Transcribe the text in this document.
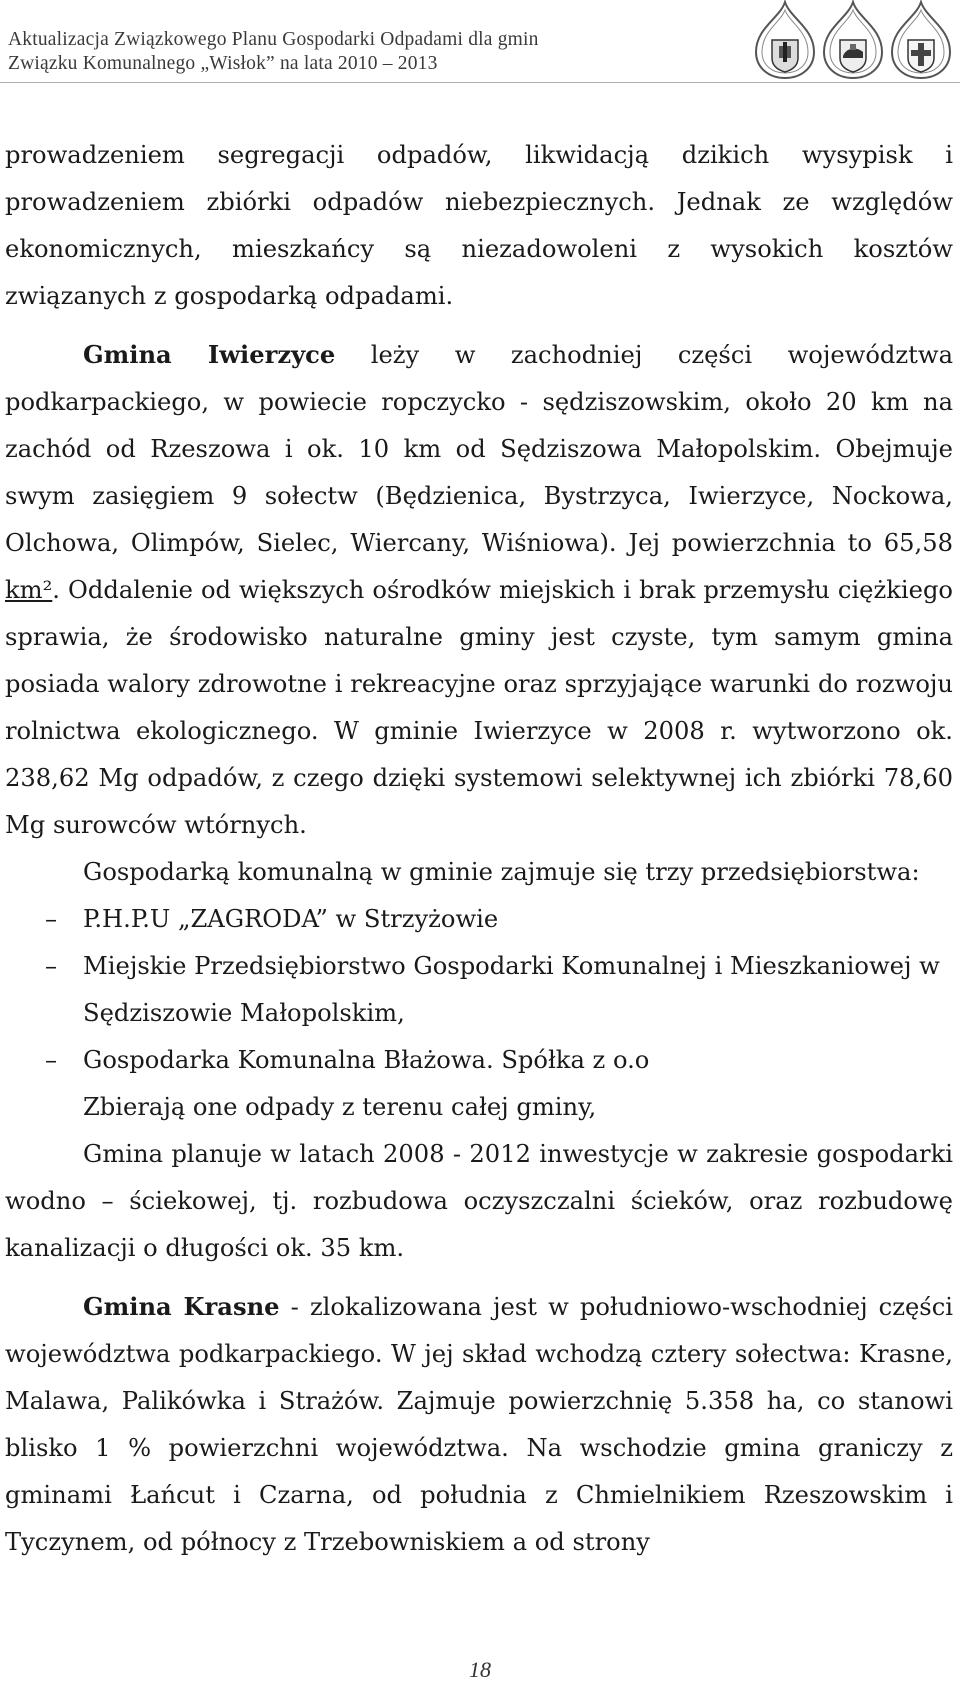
Aktualizacja Związkowego Planu Gospodarki Odpadami dla gmin
Związku Komunalnego „Wisłok” na lata 2010 – 2013

prowadzeniem segregacji odpadów, likwidacją dzikich wysypisk i prowadzeniem zbiórki odpadów niebezpiecznych. Jednak ze względów ekonomicznych, mieszkańcy są niezadowoleni z wysokich kosztów związanych z gospodarką odpadami.

Gmina Iwierzyce leży w zachodniej części województwa podkarpackiego, w powiecie ropczycko - sędziszowskim, około 20 km na zachód od Rzeszowa i ok. 10 km od Sędziszowa Małopolskim. Obejmuje swym zasięgiem 9 sołectw (Będzienica, Bystrzyca, Iwierzyce, Nockowa, Olchowa, Olimpów, Sielec, Wiercany, Wiśniowa). Jej powierzchnia to 65,58 km². Oddalenie od większych ośrodków miejskich i brak przemysłu ciężkiego sprawia, że środowisko naturalne gminy jest czyste, tym samym gmina posiada walory zdrowotne i rekreacyjne oraz sprzyjające warunki do rozwoju rolnictwa ekologicznego. W gminie Iwierzyce w 2008 r. wytworzono ok. 238,62 Mg odpadów, z czego dzięki systemowi selektywnej ich zbiórki 78,60 Mg surowców wtórnych.

Gospodarką komunalną w gminie zajmuje się trzy przedsiębiorstwa:

– P.H.P.U „ZAGRODA” w Strzyżowie
– Miejskie Przedsiębiorstwo Gospodarki Komunalnej i Mieszkaniowej w Sędziszowie Małopolskim,
– Gospodarka Komunalna Błażowa. Spółka z o.o

Zbierają one odpady z terenu całej gminy,

Gmina planuje w latach 2008 - 2012 inwestycje w zakresie gospodarki wodno – ściekowej, tj. rozbudowa oczyszczalni ścieków, oraz rozbudowę kanalizacji o długości ok. 35 km.

Gmina Krasne - zlokalizowana jest w południowo-wschodniej części województwa podkarpackiego. W jej skład wchodzą cztery sołectwa: Krasne, Malawa, Palikówka i Strażów. Zajmuje powierzchnię 5.358 ha, co stanowi blisko 1 % powierzchni województwa. Na wschodzie gmina graniczy z gminami Łańcut i Czarna, od południa z Chmielnikiem Rzeszowskim i Tyczynem, od północy z Trzebowniskiem a od strony

18
